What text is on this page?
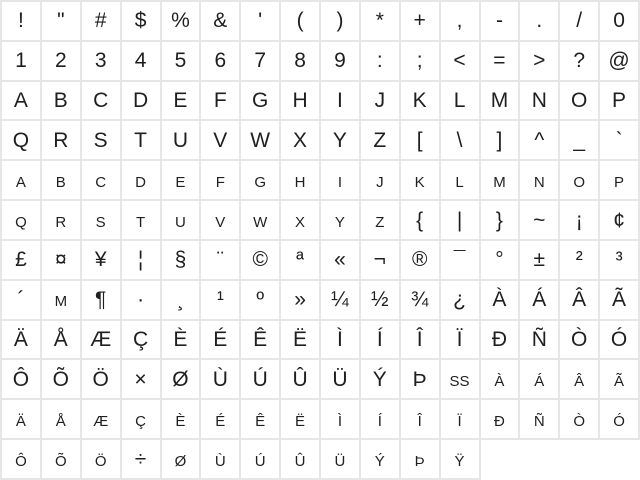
!	"	#	$	%	&	'	(	)	*	+	,	-	.	/	0
1	2	3	4	5	6	7	8	9	:	;	<	=	>	?	@
A	B	C	D	E	F	G	H	I	J	K	L	M	N	O	P
Q	R	S	T	U	V	W	X	Y	Z	[	\	]	^	_	`
a	b	c	d	e	f	g	h	i	j	k	l	m	n	o	p
q	r	s	t	u	v	w	x	y	z	{	|	}	~	¡	¢
£	¤	¥	¦	§	¨	©	ª	«	¬	®	¯	°	±	²	³
´	µ	¶	·	¸	¹	º	»	¼	½	¾	¿	À	Á	Â	Ã
Ä	Å	Æ	Ç	È	É	Ê	Ë	Ì	Í	Î	Ï	Ð	Ñ	Ò	Ó
Ô	Õ	Ö	×	Ø	Ù	Ú	Û	Ü	Ý	Þ	ß	à	á	â	ã
ä	å	æ	ç	è	é	ê	ë	ì	í	î	ï	ð	ñ	ò	ó
ô	õ	ö	÷	ø	ù	ú	û	ü	ý	þ	ÿ
